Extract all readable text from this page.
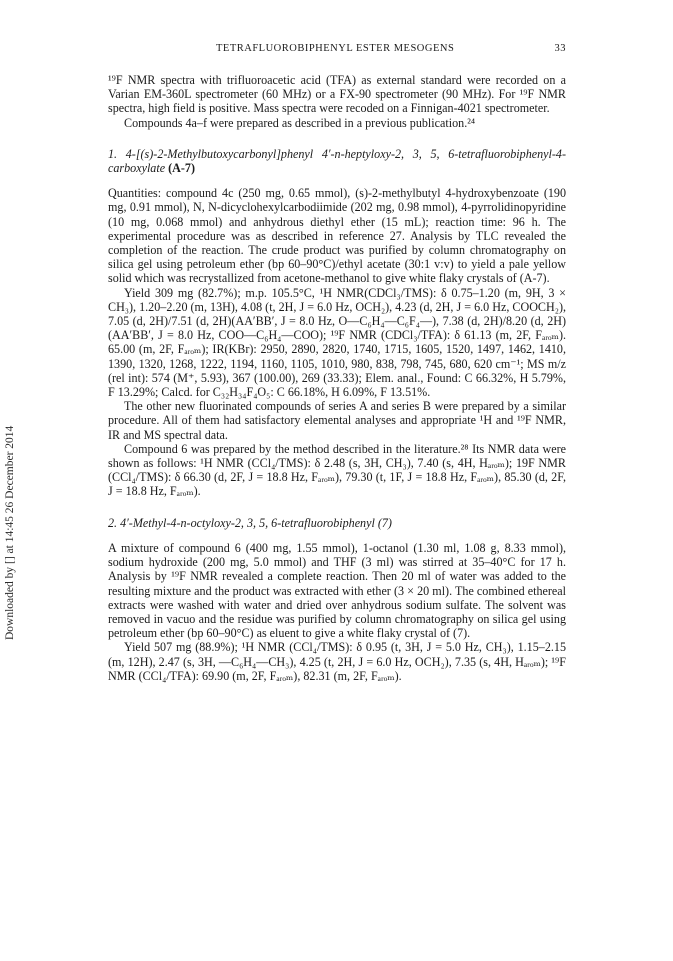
TETRAFLUOROBIPHENYL ESTER MESOGENS	33
Downloaded by [] at 14:45 26 December 2014

¹⁹F NMR spectra with trifluoroacetic acid (TFA) as external standard were recorded on a Varian EM-360L spectrometer (60 MHz) or a FX-90 spectrometer (90 MHz). For ¹⁹F NMR spectra, high field is positive. Mass spectra were recoded on a Finnigan-4021 spectrometer.

Compounds 4a–f were prepared as described in a previous publication.²⁴

1. 4-[(s)-2-Methylbutoxycarbonyl]phenyl 4′-n-heptyloxy-2, 3, 5, 6-tetrafluorobiphenyl-4-carboxylate (A-7)

Quantities: compound 4c (250 mg, 0.65 mmol), (s)-2-methylbutyl 4-hydroxybenzoate (190 mg, 0.91 mmol), N, N-dicyclohexylcarbodiimide (202 mg, 0.98 mmol), 4-pyrrolidinopyridine (10 mg, 0.068 mmol) and anhydrous diethyl ether (15 mL); reaction time: 96 h. The experimental procedure was as described in reference 27. Analysis by TLC revealed the completion of the reaction. The crude product was purified by column chromatography on silica gel using petroleum ether (bp 60–90°C)/ethyl acetate (30:1 v:v) to yield a pale yellow solid which was recrystallized from acetone-methanol to give white flaky crystals of (A-7).

Yield 309 mg (82.7%); m.p. 105.5°C, ¹H NMR(CDCl₃/TMS): δ 0.75–1.20 (m, 9H, 3 × CH₃), 1.20–2.20 (m, 13H), 4.08 (t, 2H, J = 6.0 Hz, OCH₂), 4.23 (d, 2H, J = 6.0 Hz, COOCH₂), 7.05 (d, 2H)/7.51 (d, 2H)(AA′BB′, J = 8.0 Hz, O—C₆H₄—C₆F₄—), 7.38 (d, 2H)/8.20 (d, 2H) (AA′BB′, J = 8.0 Hz, COO—C₆H₄—COO); ¹⁹F NMR (CDCl₃/TFA): δ 61.13 (m, 2F, Fₐᵣₒₘ). 65.00 (m, 2F, Fₐᵣₒₘ); IR(KBr): 2950, 2890, 2820, 1740, 1715, 1605, 1520, 1497, 1462, 1410, 1390, 1320, 1268, 1222, 1194, 1160, 1105, 1010, 980, 838, 798, 745, 680, 620 cm⁻¹; MS m/z (rel int): 574 (M⁺, 5.93), 367 (100.00), 269 (33.33); Elem. anal., Found: C 66.32%, H 5.79%, F 13.29%; Calcd. for C₃₂H₃₄F₄O₅: C 66.18%, H 6.09%, F 13.51%.

The other new fluorinated compounds of series A and series B were prepared by a similar procedure. All of them had satisfactory elemental analyses and appropriate ¹H and ¹⁹F NMR, IR and MS spectral data.

Compound 6 was prepared by the method described in the literature.²⁸ Its NMR data were shown as follows: ¹H NMR (CCl₄/TMS): δ 2.48 (s, 3H, CH₃), 7.40 (s, 4H, Hₐᵣₒₘ); 19F NMR (CCl₄/TMS): δ 66.30 (d, 2F, J = 18.8 Hz, Fₐᵣₒₘ), 79.30 (t, 1F, J = 18.8 Hz, Fₐᵣₒₘ), 85.30 (d, 2F, J = 18.8 Hz, Fₐᵣₒₘ).

2. 4′-Methyl-4-n-octyloxy-2, 3, 5, 6-tetrafluorobiphenyl (7)

A mixture of compound 6 (400 mg, 1.55 mmol), 1-octanol (1.30 ml, 1.08 g, 8.33 mmol), sodium hydroxide (200 mg, 5.0 mmol) and THF (3 ml) was stirred at 35–40°C for 17 h. Analysis by ¹⁹F NMR revealed a complete reaction. Then 20 ml of water was added to the resulting mixture and the product was extracted with ether (3 × 20 ml). The combined ethereal extracts were washed with water and dried over anhydrous sodium sulfate. The solvent was removed in vacuo and the residue was purified by column chromatography on silica gel using petroleum ether (bp 60–90°C) as eluent to give a white flaky crystal of (7).

Yield 507 mg (88.9%); ¹H NMR (CCl₄/TMS): δ 0.95 (t, 3H, J = 5.0 Hz, CH₃), 1.15–2.15 (m, 12H), 2.47 (s, 3H, —C₆H₄—CH₃), 4.25 (t, 2H, J = 6.0 Hz, OCH₂), 7.35 (s, 4H, Hₐᵣₒₘ); ¹⁹F NMR (CCl₄/TFA): 69.90 (m, 2F, Fₐᵣₒₘ), 82.31 (m, 2F, Fₐᵣₒₘ).
